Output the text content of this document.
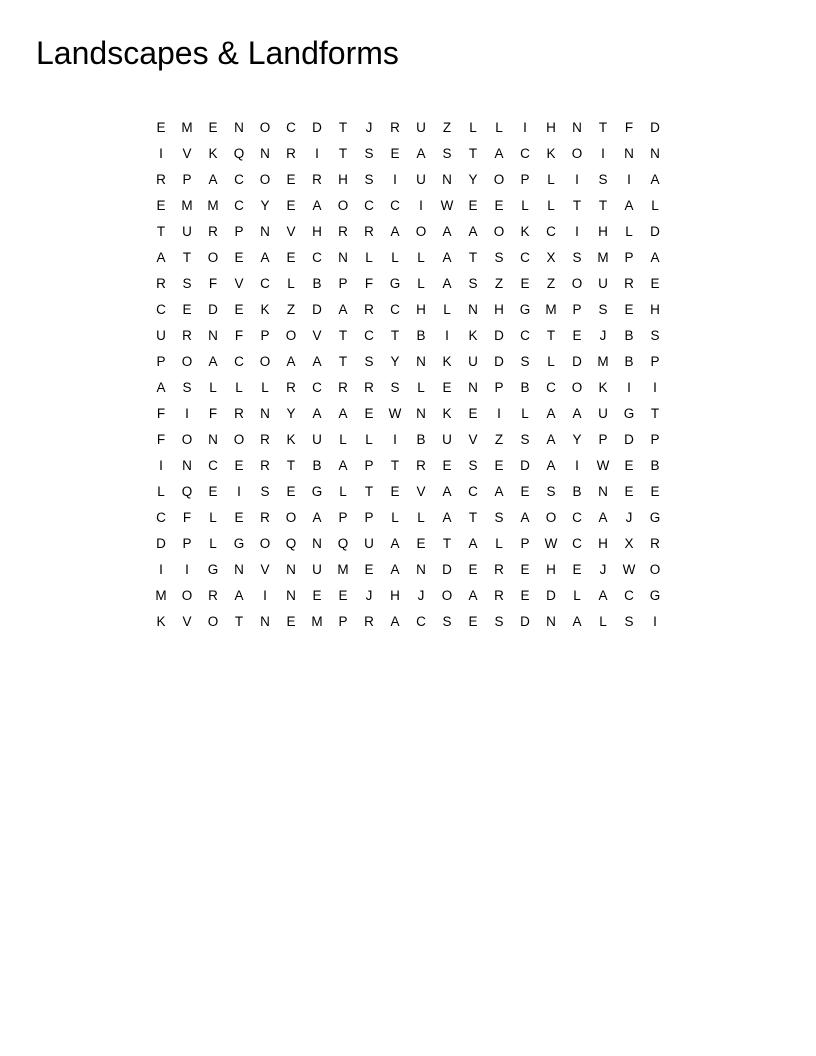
Landscapes & Landforms
E	M	E	N	O	C	D	T	J	R	U	Z	L	L	I	H	N	T	F	D
I	V	K	Q	N	R	I	T	S	E	A	S	T	A	C	K	O	I	N	N
R	P	A	C	O	E	R	H	S	I	U	N	Y	O	P	L	I	S	I	A
E	M	M	C	Y	E	A	O	C	C	I	W	E	E	L	L	T	T	A	L
T	U	R	P	N	V	H	R	R	A	O	A	A	O	K	C	I	H	L	D
A	T	O	E	A	E	C	N	L	L	L	A	T	S	C	X	S	M	P	A
R	S	F	V	C	L	B	P	F	G	L	A	S	Z	E	Z	O	U	R	E
C	E	D	E	K	Z	D	A	R	C	H	L	N	H	G	M	P	S	E	H
U	R	N	F	P	O	V	T	C	T	B	I	K	D	C	T	E	J	B	S
P	O	A	C	O	A	A	T	S	Y	N	K	U	D	S	L	D	M	B	P
A	S	L	L	L	R	C	R	R	S	L	E	N	P	B	C	O	K	I	I
F	I	F	R	N	Y	A	A	E	W	N	K	E	I	L	A	A	U	G	T
F	O	N	O	R	K	U	L	L	I	B	U	V	Z	S	A	Y	P	D	P
I	N	C	E	R	T	B	A	P	T	R	E	S	E	D	A	I	W	E	B
L	Q	E	I	S	E	G	L	T	E	V	A	C	A	E	S	B	N	E	E
C	F	L	E	R	O	A	P	P	L	L	A	T	S	A	O	C	A	J	G
D	P	L	G	O	Q	N	Q	U	A	E	T	A	L	P	W	C	H	X	R
I	I	G	N	V	N	U	M	E	A	N	D	E	R	E	H	E	J	W	O
M	O	R	A	I	N	E	E	J	H	J	O	A	R	E	D	L	A	C	G
K	V	O	T	N	E	M	P	R	A	C	S	E	S	D	N	A	L	S	I
